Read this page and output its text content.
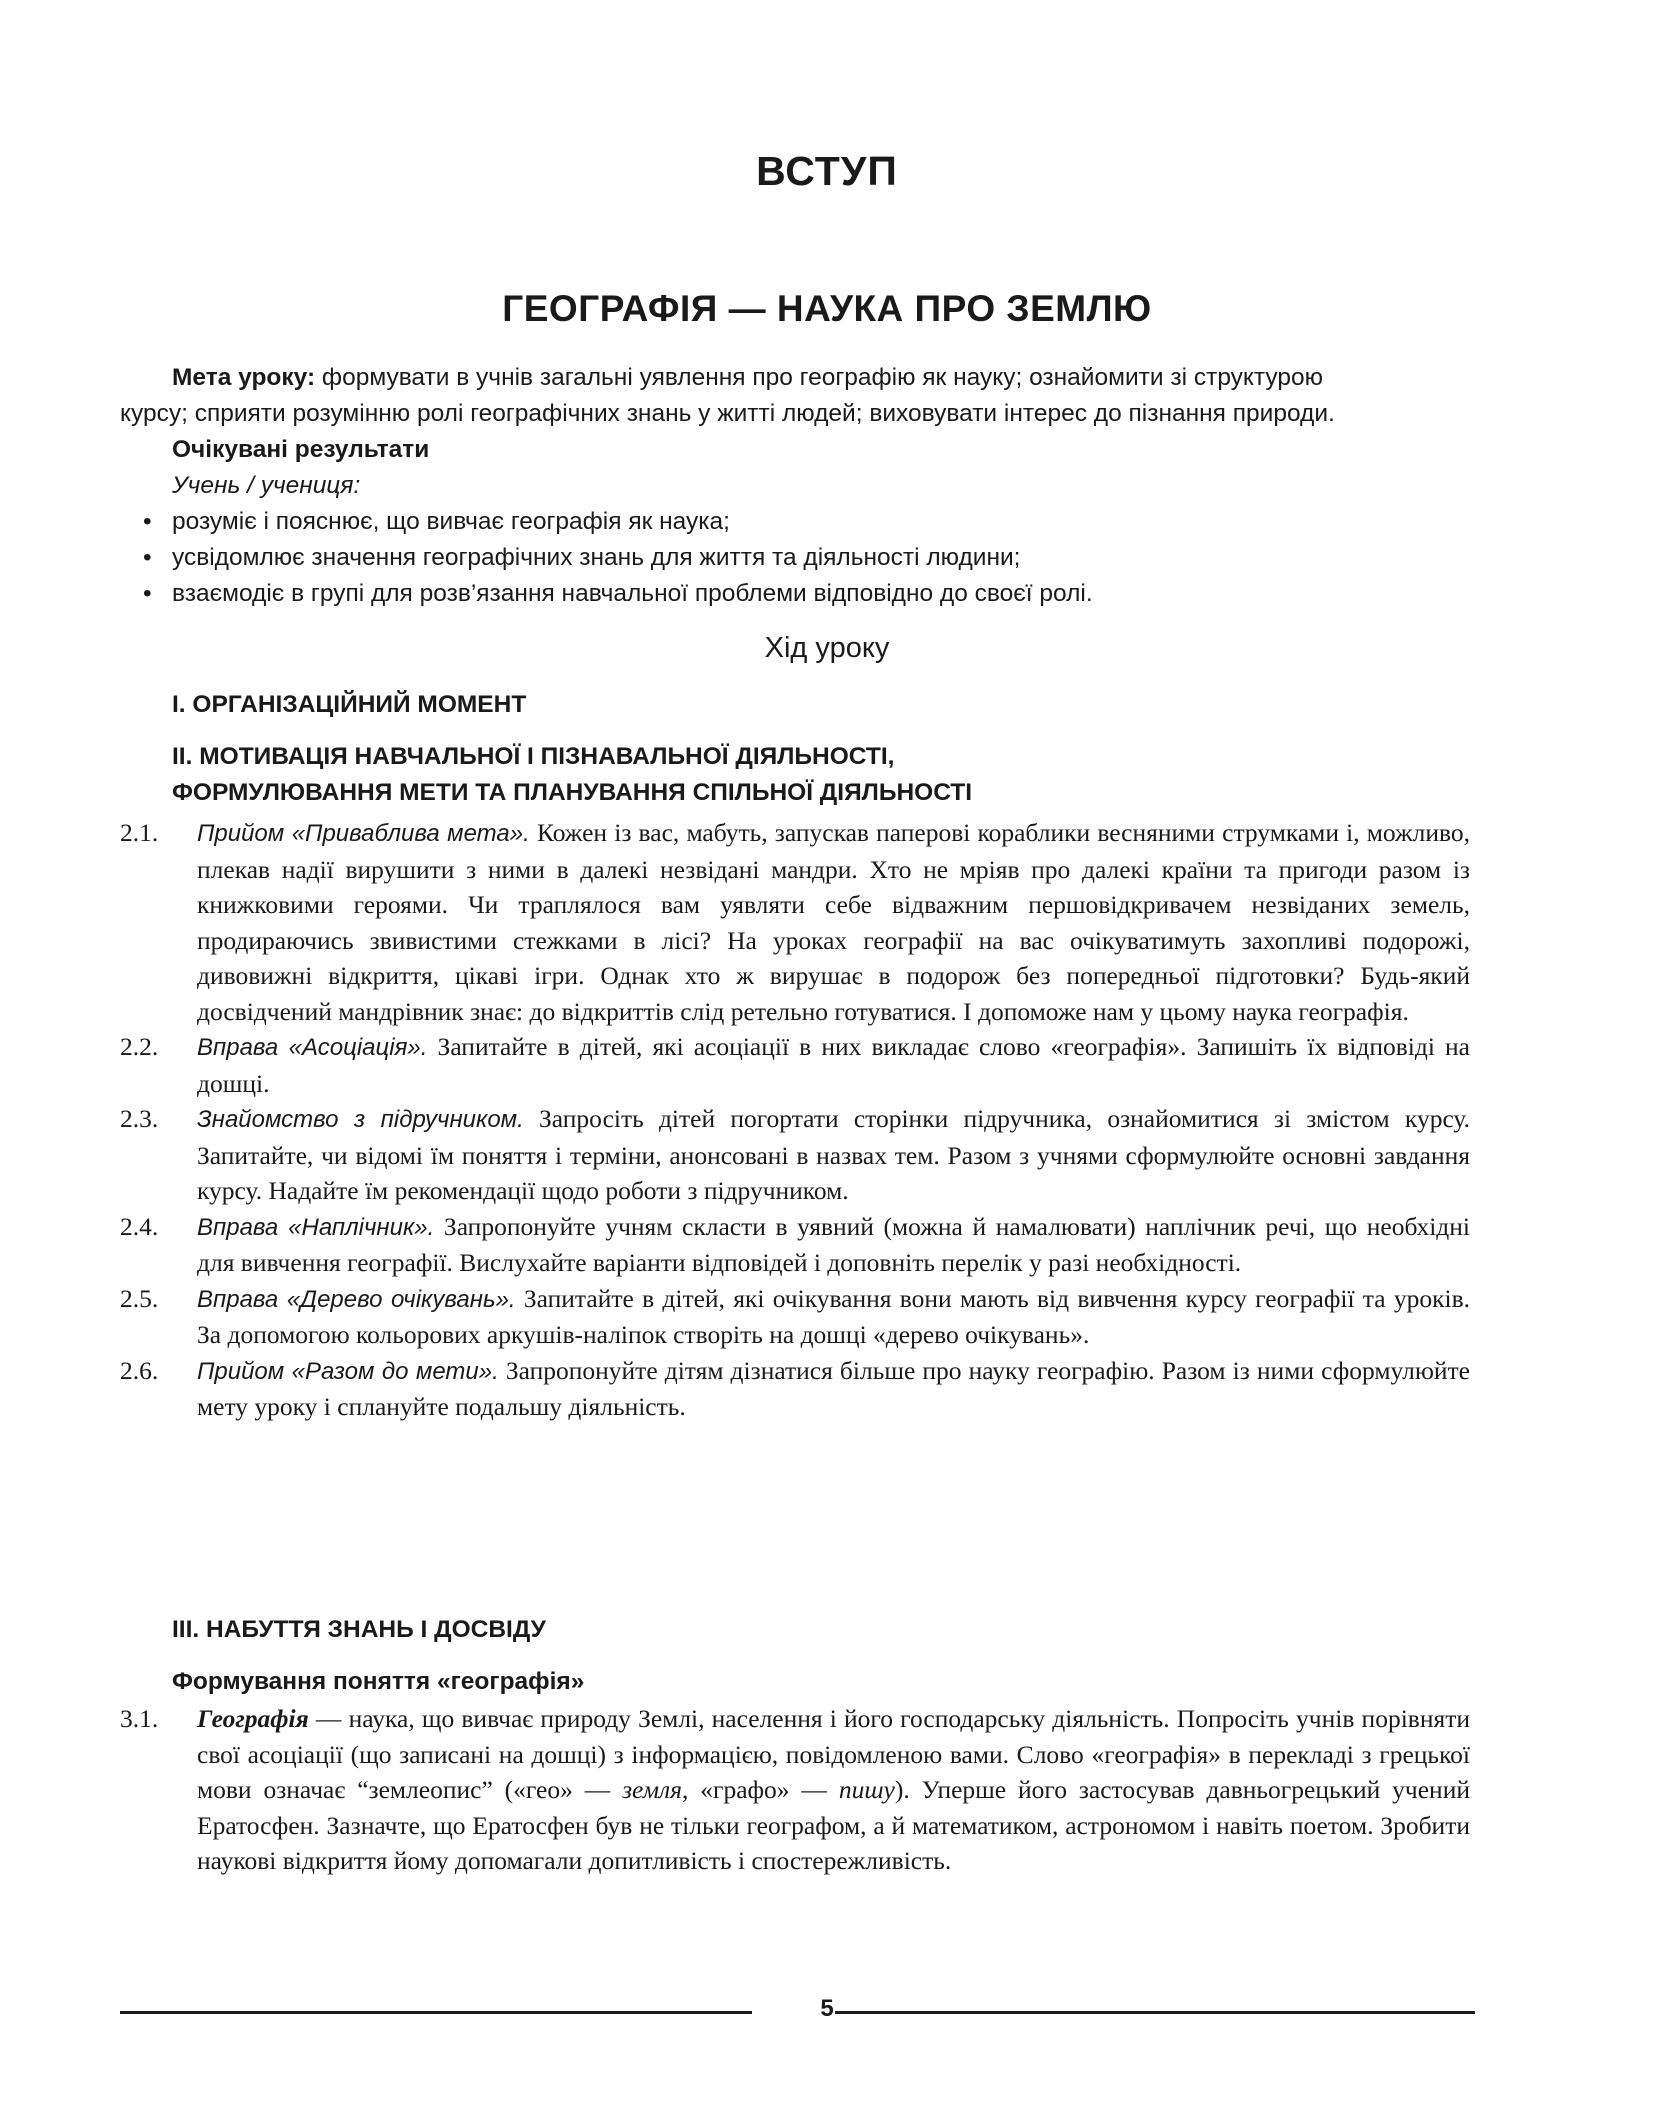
ВСТУП
ГЕОГРАФІЯ — НАУКА ПРО ЗЕМЛЮ

Мета уроку: формувати в учнів загальні уявлення про географію як науку; ознайомити зі структурою

курсу; сприяти розумінню ролі географічних знань у житті людей; виховувати інтерес до пізнання природи.

Очікувані результати

Учень / учениця:

• розуміє і пояснює, що вивчає географія як наука;
• усвідомлює значення географічних знань для життя та діяльності людини;
• взаємодіє в групі для розв’язання навчальної проблеми відповідно до своєї ролі.
Хід уроку
I. ОРГАНІЗАЦІЙНИЙ МОМЕНТ
II. МОТИВАЦІЯ НАВЧАЛЬНОЇ І ПІЗНАВАЛЬНОЇ ДІЯЛЬНОСТІ,
ФОРМУЛЮВАННЯ МЕТИ ТА ПЛАНУВАННЯ СПІЛЬНОЇ ДІЯЛЬНОСТІ
2.1. Прийом «Приваблива мета». Кожен із вас, мабуть, запускав паперові кораблики весняними струмками і, можливо, плекав надії вирушити з ними в далекі незвідані мандри. Хто не мріяв про далекі країни та пригоди разом із книжковими героями. Чи траплялося вам уявляти себе відважним першовідкривачем незвіданих земель, продираючись звивистими стежками в лісі? На уроках географії на вас очікуватимуть захопливі подорожі, дивовижні відкриття, цікаві ігри. Однак хто ж вирушає в подорож без попередньої підготовки? Будь-який досвідчений мандрівник знає: до відкриттів слід ретельно готуватися. І допоможе нам у цьому наука географія.
2.2. Вправа «Асоціація». Запитайте в дітей, які асоціації в них викладає слово «географія». Запишіть їх відповіді на дошці.
2.3. Знайомство з підручником. Запросіть дітей погортати сторінки підручника, ознайомитися зі змістом курсу. Запитайте, чи відомі їм поняття і терміни, анонсовані в назвах тем. Разом з учнями сформулюйте основні завдання курсу. Надайте їм рекомендації щодо роботи з підручником.
2.4. Вправа «Наплічник». Запропонуйте учням скласти в уявний (можна й намалювати) наплічник речі, що необхідні для вивчення географії. Вислухайте варіанти відповідей і доповніть перелік у разі необхідності.
2.5. Вправа «Дерево очікувань». Запитайте в дітей, які очікування вони мають від вивчення курсу географії та уроків. За допомогою кольорових аркушів-наліпок створіть на дошці «дерево очікувань».
2.6. Прийом «Разом до мети». Запропонуйте дітям дізнатися більше про науку географію. Разом із ними сформулюйте мету уроку і сплануйте подальшу діяльність.
III. НАБУТТЯ ЗНАНЬ І ДОСВІДУ
Формування поняття «географія»
3.1. Географія — наука, що вивчає природу Землі, населення і його господарську діяльність. Попросіть учнів порівняти свої асоціації (що записані на дошці) з інформацією, повідомленою вами. Слово «географія» в перекладі з грецької мови означає “землеопис” («гео» — земля, «графо» — пишу). Уперше його застосував давньогрецький учений Ератосфен. Зазначте, що Ератосфен був не тільки географом, а й математиком, астрономом і навіть поетом. Зробити наукові відкриття йому допомагали допитливість і спостережливість.
5
